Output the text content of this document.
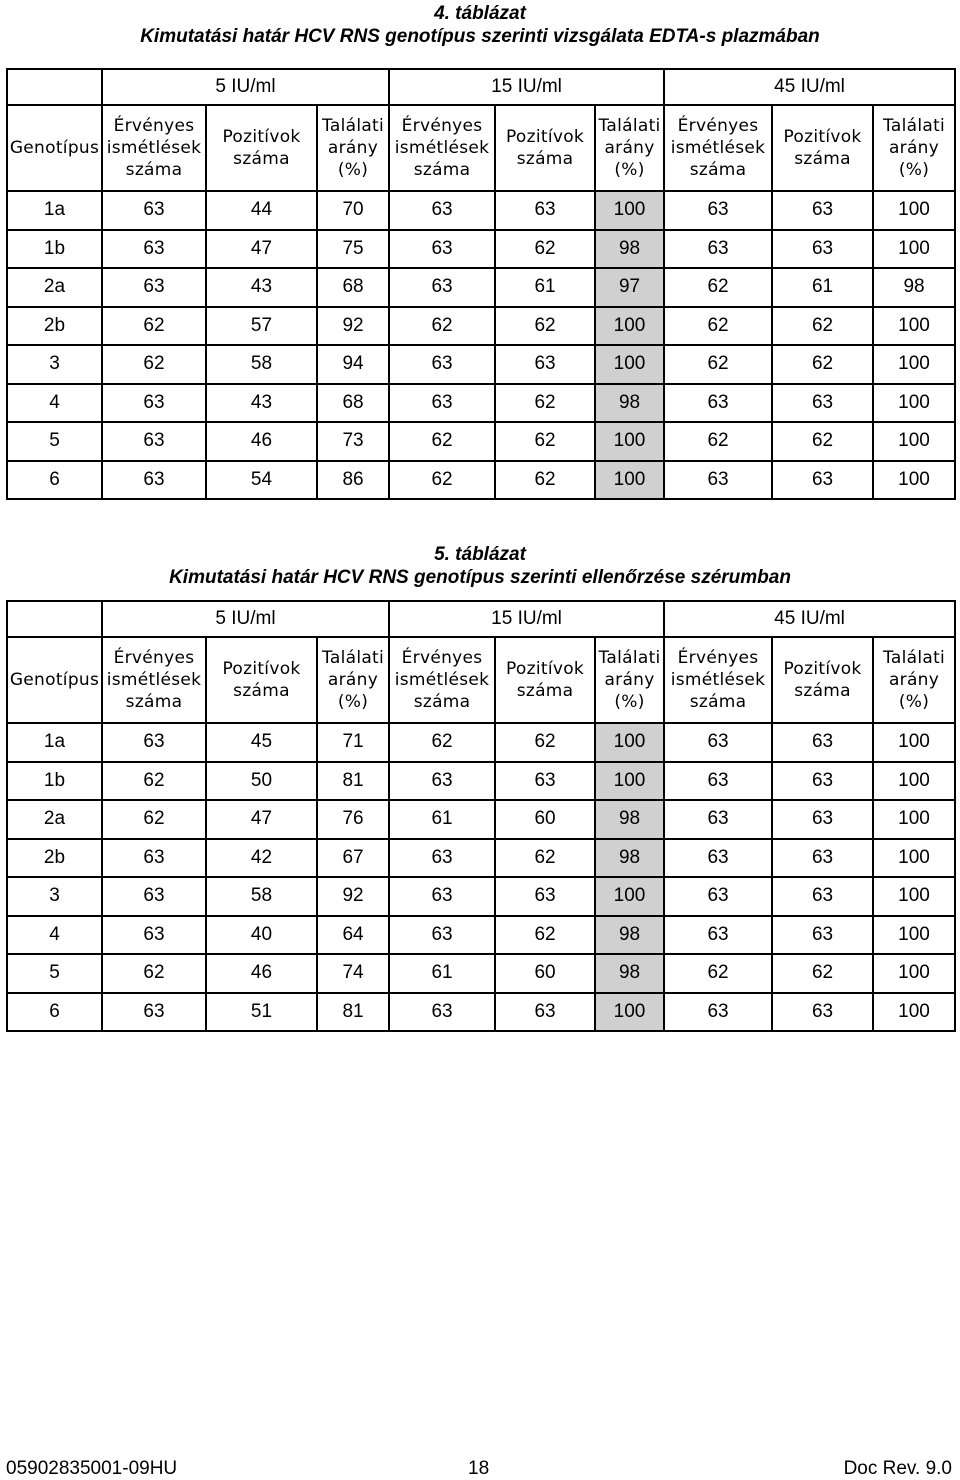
4. táblázat
Kimutatási határ HCV RNS genotípus szerinti vizsgálata EDTA-s plazmában
	5 IU/ml			15 IU/ml			45 IU/ml		
Genotípus	Érvényes ismétlések száma	Pozitívok száma	Találati arány (%)	Érvényes ismétlések száma	Pozitívok száma	Találati arány (%)	Érvényes ismétlések száma	Pozitívok száma	Találati arány (%)
1a	63	44	70	63	63	100	63	63	100
1b	63	47	75	63	62	98	63	63	100
2a	63	43	68	63	61	97	62	61	98
2b	62	57	92	62	62	100	62	62	100
3	62	58	94	63	63	100	62	62	100
4	63	43	68	63	62	98	63	63	100
5	63	46	73	62	62	100	62	62	100
6	63	54	86	62	62	100	63	63	100
5. táblázat
Kimutatási határ HCV RNS genotípus szerinti ellenőrzése szérumban
	5 IU/ml			15 IU/ml			45 IU/ml		
Genotípus	Érvényes ismétlések száma	Pozitívok száma	Találati arány (%)	Érvényes ismétlések száma	Pozitívok száma	Találati arány (%)	Érvényes ismétlések száma	Pozitívok száma	Találati arány (%)
1a	63	45	71	62	62	100	63	63	100
1b	62	50	81	63	63	100	63	63	100
2a	62	47	76	61	60	98	63	63	100
2b	63	42	67	63	62	98	63	63	100
3	63	58	92	63	63	100	63	63	100
4	63	40	64	63	62	98	63	63	100
5	62	46	74	61	60	98	62	62	100
6	63	51	81	63	63	100	63	63	100
05902835001-09HU	18	Doc Rev. 9.0
